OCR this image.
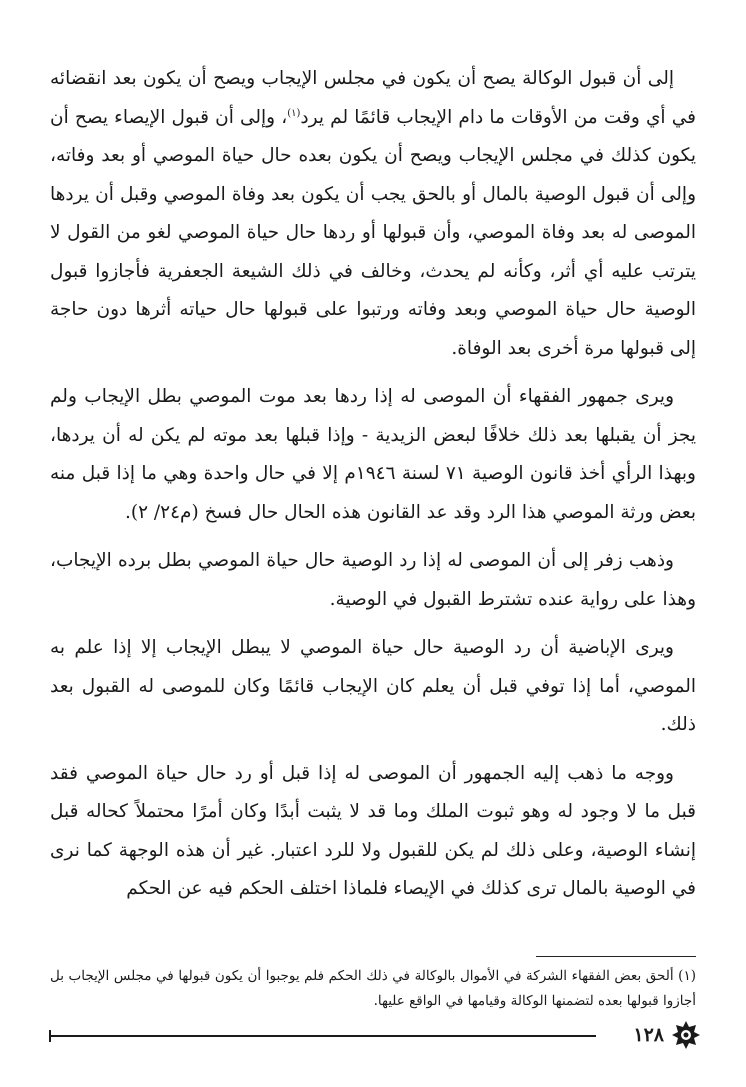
إلى أن قبول الوكالة يصح أن يكون في مجلس الإيجاب ويصح أن يكون بعد انقضائه في أي وقت من الأوقات ما دام الإيجاب قائمًا لم يرد$^{(١)}$، وإلى أن قبول الإيصاء يصح أن يكون كذلك في مجلس الإيجاب ويصح أن يكون بعده حال حياة الموصي أو بعد وفاته، وإلى أن قبول الوصية بالمال أو بالحق يجب أن يكون بعد وفاة الموصي وقبل أن يردها الموصى له بعد وفاة الموصي، وأن قبولها أو ردها حال حياة الموصي لغو من القول لا يترتب عليه أي أثر، وكأنه لم يحدث، وخالف في ذلك الشيعة الجعفرية فأجازوا قبول الوصية حال حياة الموصي وبعد وفاته ورتبوا على قبولها حال حياته أثرها دون حاجة إلى قبولها مرة أخرى بعد الوفاة.

ويرى جمهور الفقهاء أن الموصى له إذا ردها بعد موت الموصي بطل الإيجاب ولم يجز أن يقبلها بعد ذلك خلافًا لبعض الزيدية - وإذا قبلها بعد موته لم يكن له أن يردها، وبهذا الرأي أخذ قانون الوصية ٧١ لسنة ١٩٤٦م إلا في حال واحدة وهي ما إذا قبل منه بعض ورثة الموصي هذا الرد وقد عد القانون هذه الحال حال فسخ (م٢٤/ ٢).

وذهب زفر إلى أن الموصى له إذا رد الوصية حال حياة الموصي بطل برده الإيجاب، وهذا على رواية عنده تشترط القبول في الوصية.

ويرى الإباضية أن رد الوصية حال حياة الموصي لا يبطل الإيجاب إلا إذا علم به الموصي، أما إذا توفي قبل أن يعلم كان الإيجاب قائمًا وكان للموصى له القبول بعد ذلك.

ووجه ما ذهب إليه الجمهور أن الموصى له إذا قبل أو رد حال حياة الموصي فقد قبل ما لا وجود له وهو ثبوت الملك وما قد لا يثبت أبدًا وكان أمرًا محتملاً كحاله قبل إنشاء الوصية، وعلى ذلك لم يكن للقبول ولا للرد اعتبار. غير أن هذه الوجهة كما نرى في الوصية بالمال ترى كذلك في الإيصاء فلماذا اختلف الحكم فيه عن الحكم

(١) ألحق بعض الفقهاء الشركة في الأموال بالوكالة في ذلك الحكم فلم يوجبوا أن يكون قبولها في مجلس الإيجاب بل أجازوا قبولها بعده لتضمنها الوكالة وقيامها في الواقع عليها.

١٢٨
